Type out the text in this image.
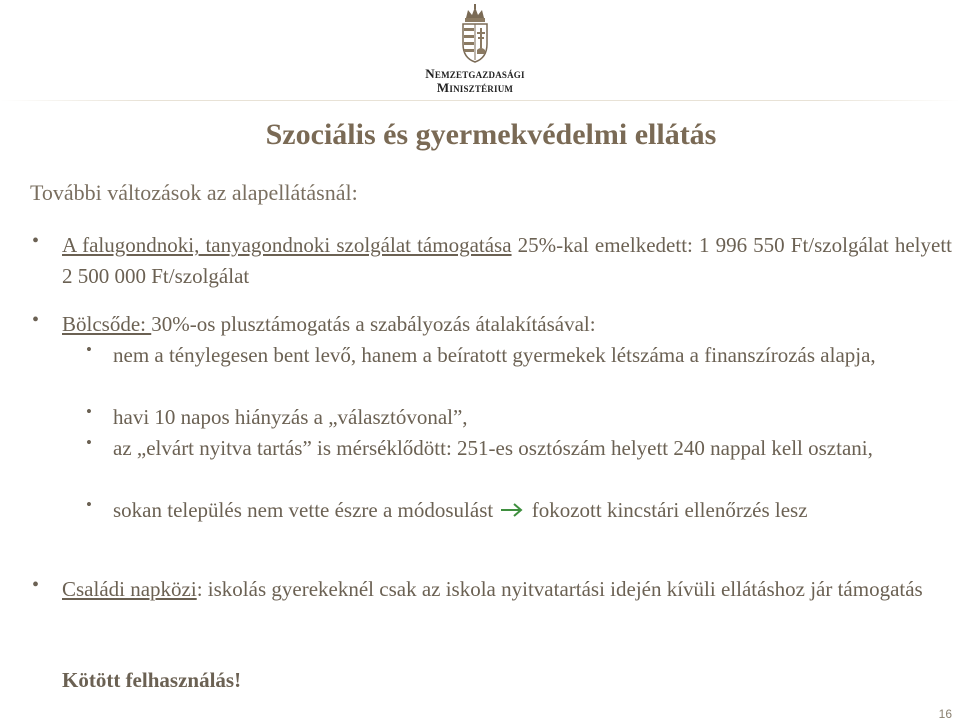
Nemzetgazdasági
Minisztérium
Szociális és gyermekvédelmi ellátás
További változások az alapellátásnál:
• A falugondnoki, tanyagondnoki szolgálat támogatása 25%-kal emelkedett: 1 996 550 Ft/szolgálat helyett 2 500 000 Ft/szolgálat
• Bölcsőde: 30%-os plusztámogatás a szabályozás átalakításával:
• nem a ténylegesen bent levő, hanem a beíratott gyermekek létszáma a finanszírozás alapja,
• havi 10 napos hiányzás a „választóvonal”,
• az „elvárt nyitva tartás” is mérséklődött: 251-es osztószám helyett 240 nappal kell osztani,
• sokan település nem vette észre a módosulást fokozott kincstári ellenőrzés lesz
• Családi napközi: iskolás gyerekeknél csak az iskola nyitvatartási idején kívüli ellátáshoz jár támogatás
Kötött felhasználás!
16
